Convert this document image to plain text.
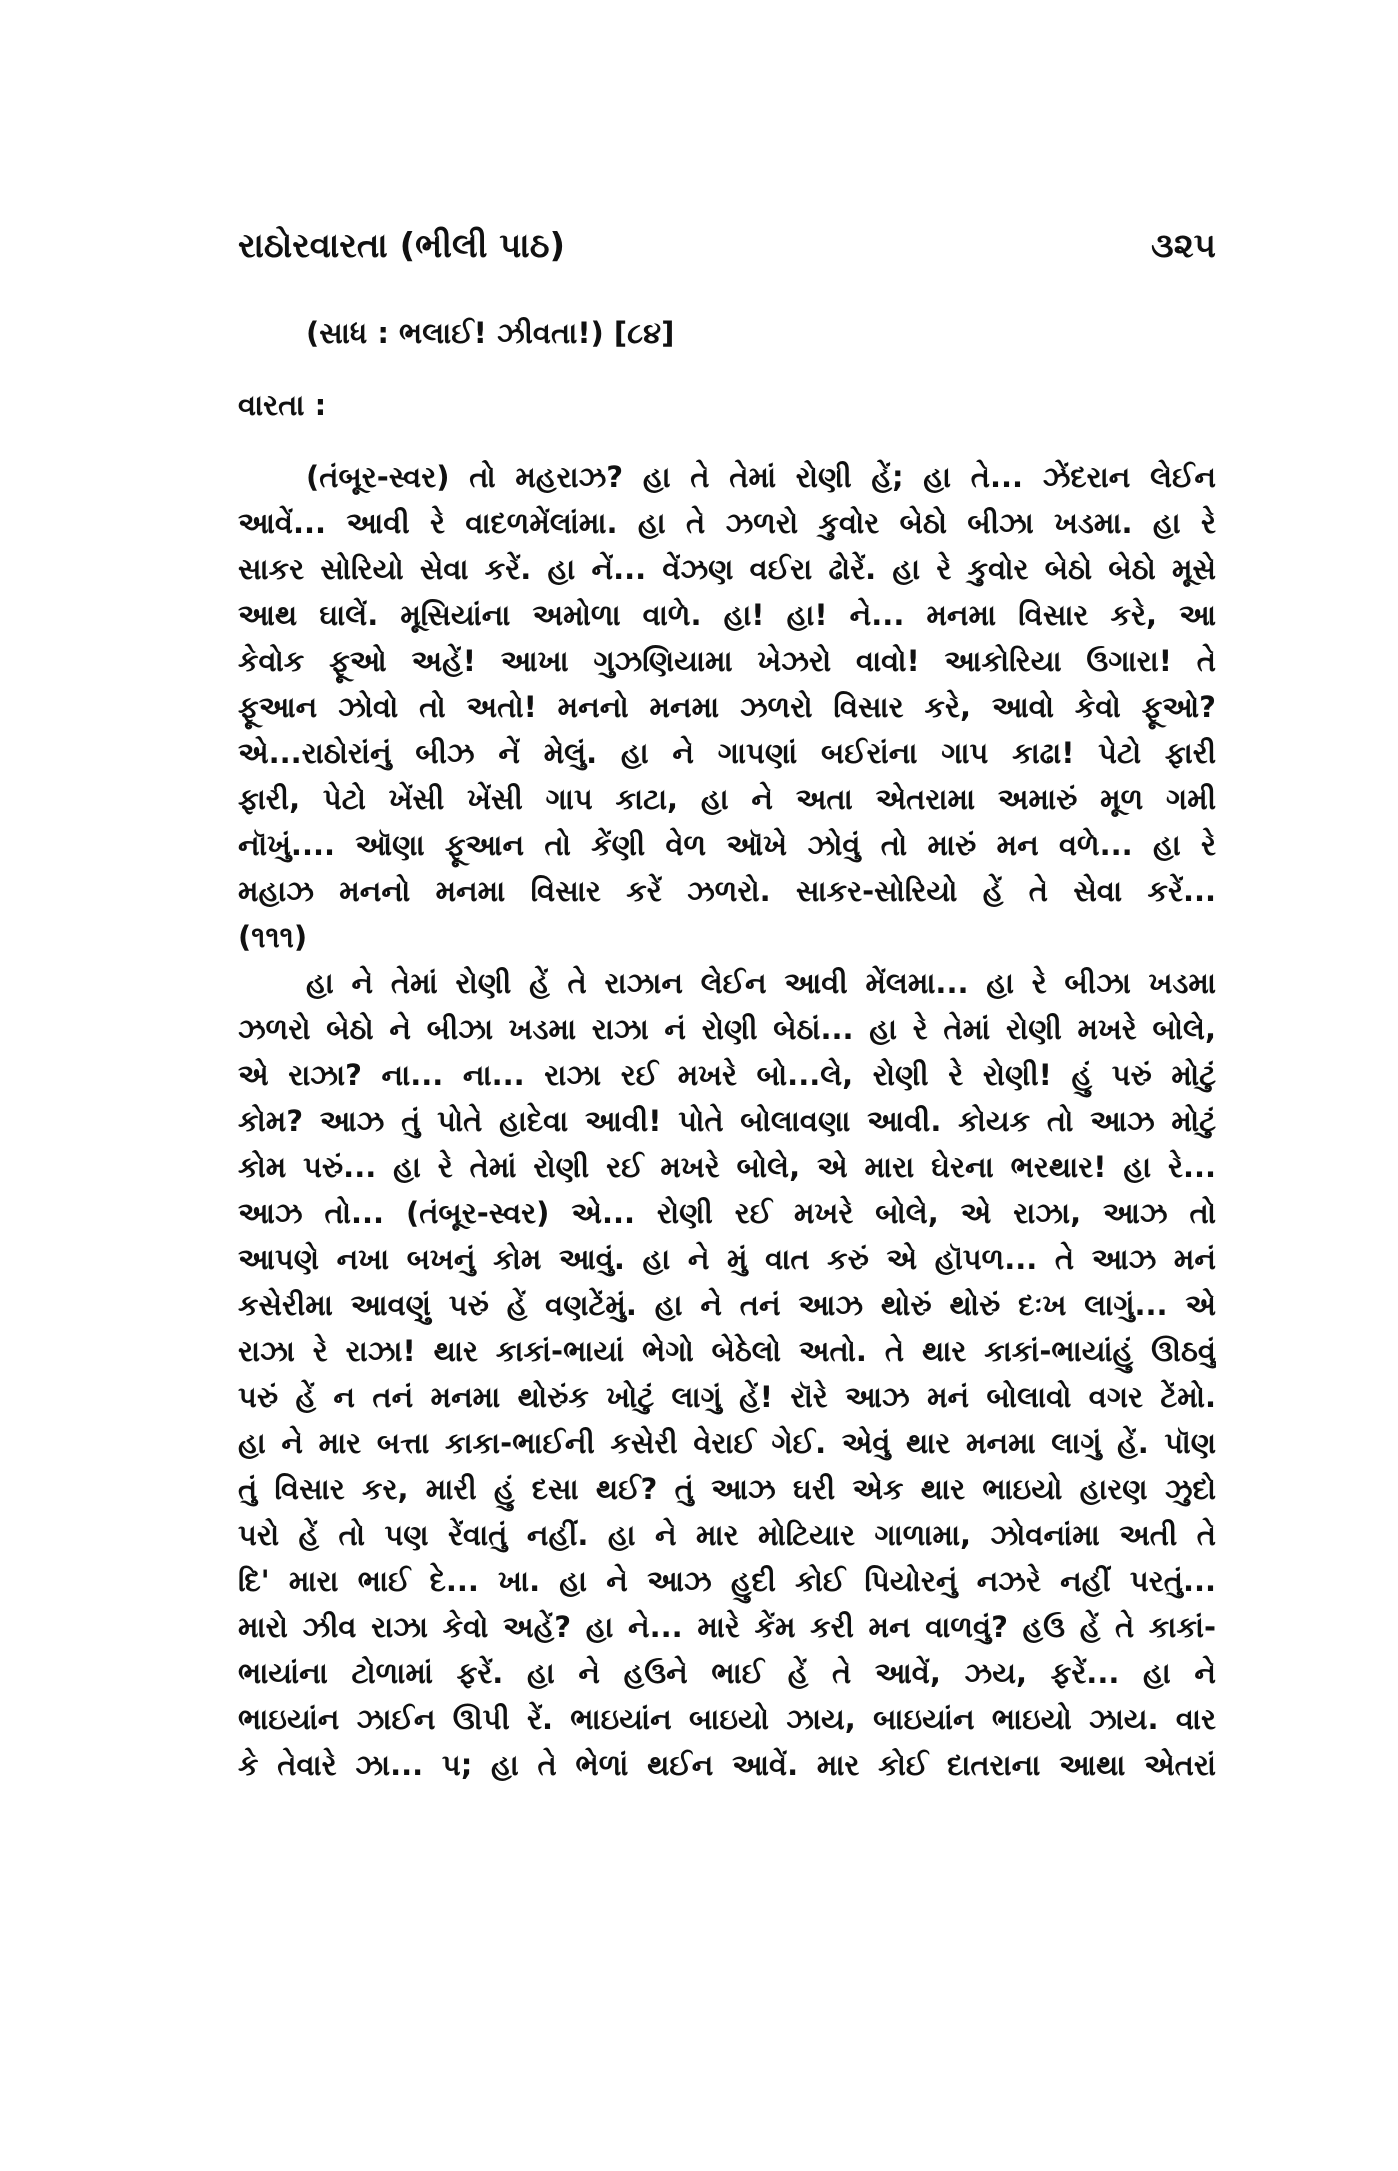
રાઠોરવારતા (ભીલી પાઠ)	૩૨૫
(સાધ : ભલાઈ! ઝીવતા!) [૮૪]
વારતા :
(તંબૂર-સ્વર) તો મહરાઝ? હા તે તેમાં રોણી હેં; હા તે... ઝેંદરાન લેઈન
આવેં... આવી રે વાદળમેંલાંમા. હા તે ઝળરો કુવોર બેઠો બીઝા ખડમા. હા રે
સાકર સોરિયો સેવા કરેં. હા નેં... વેંઝણ વઈરા ઢોરેં. હા રે કુવોર બેઠો બેઠો મૂસે
આથ ઘાલેં. મૂસિયાંના અમોળા વાળે. હા! હા! ને... મનમા વિસાર કરે, આ
કેવોક ફૂઓ અહેં! આખા ગુઝણિયામા ખેઝરો વાવો! આકોરિયા ઉગારા! તે
ફૂઆન ઝોવો તો અતો! મનનો મનમા ઝળરો વિસાર કરે, આવો કેવો ફૂઓ?
એ...રાઠોરાંનું બીઝ નેં મેલું. હા ને ગાપણાં બઈરાંના ગાપ કાઢા! પેટો ફારી
ફારી, પેટો ખેંસી ખેંસી ગાપ કાટા, હા ને અતા એતરામા અમારું મૂળ ગમી
નૉખું.... ઑણા ફૂઆન તો કેંણી વેળ ઑખે ઝોવું તો મારું મન વળે... હા રે
મહાઝ મનનો મનમા વિસાર કરેં ઝળરો. સાકર-સોરિયો હેં તે સેવા કરેં...
(૧૧૧)
હા ને તેમાં રોણી હેં તે રાઝાન લેઈન આવી મેંલમા... હા રે બીઝા ખડમા
ઝળરો બેઠો ને બીઝા ખડમા રાઝા નં રોણી બેઠાં... હા રે તેમાં રોણી મખરે બોલે,
એ રાઝા? ના... ના... રાઝા રઈ મખરે બો...લે, રોણી રે રોણી! હું પરું મોટું
કોમ? આઝ તું પોતે હાદેવા આવી! પોતે બોલાવણા આવી. કોયક તો આઝ મોટું
કોમ પરું... હા રે તેમાં રોણી રઈ મખરે બોલે, એ મારા ઘેરના ભરથાર! હા રે...
આઝ તો... (તંબૂર-સ્વર) એ... રોણી રઈ મખરે બોલે, એ રાઝા, આઝ તો
આપણે નખા બખનું કોમ આવું. હા ને મું વાત કરું એ હૉપળ... તે આઝ મનં
કસેરીમા આવણું પરું હેં વણટેંમું. હા ને તનં આઝ થોરું થોરું દઃખ લાગું... એ
રાઝા રે રાઝા! થાર કાકાં-ભાયાં ભેગો બેઠેલો અતો. તે થાર કાકાં-ભાયાંહું ઊઠવું
પરું હેં ન તનં મનમા થોરુંક ખોટું લાગું હેં! રૉરે આઝ મનં બોલાવો વગર ટેંમો.
હા ને માર બત્તા કાકા-ભાઈની કસેરી વેરાઈ ગેઈ. એવું થાર મનમા લાગું હેં. પૉણ
તું વિસાર કર, મારી હું દસા થઈ? તું આઝ ઘરી એક થાર ભાઇયો હારણ ઝુદો
પરો હેં તો પણ રેંવાતું નહીં. હા ને માર મોટિયાર ગાળામા, ઝોવનાંમા અતી તે
દિ' મારા ભાઈ દે... ખા. હા ને આઝ હુદી કોઈ પિયોરનું નઝરે નહીં પરતું...
મારો ઝીવ રાઝા કેવો અહેં? હા ને... મારે કેંમ કરી મન વાળવું? હઉ હેં તે કાકાં-
ભાયાંના ટોળામાં ફરેં. હા ને હઉને ભાઈ હેં તે આવેં, ઝય, ફરેં... હા ને
ભાઇયાંન ઝાઈન ઊપી રેં. ભાઇયાંન બાઇયો ઝાય, બાઇયાંન ભાઇયો ઝાય. વાર
કે તેવારે ઝા... પ; હા તે ભેળાં થઈન આવેં. માર કોઈ દાતરાના આથા એતરાં
